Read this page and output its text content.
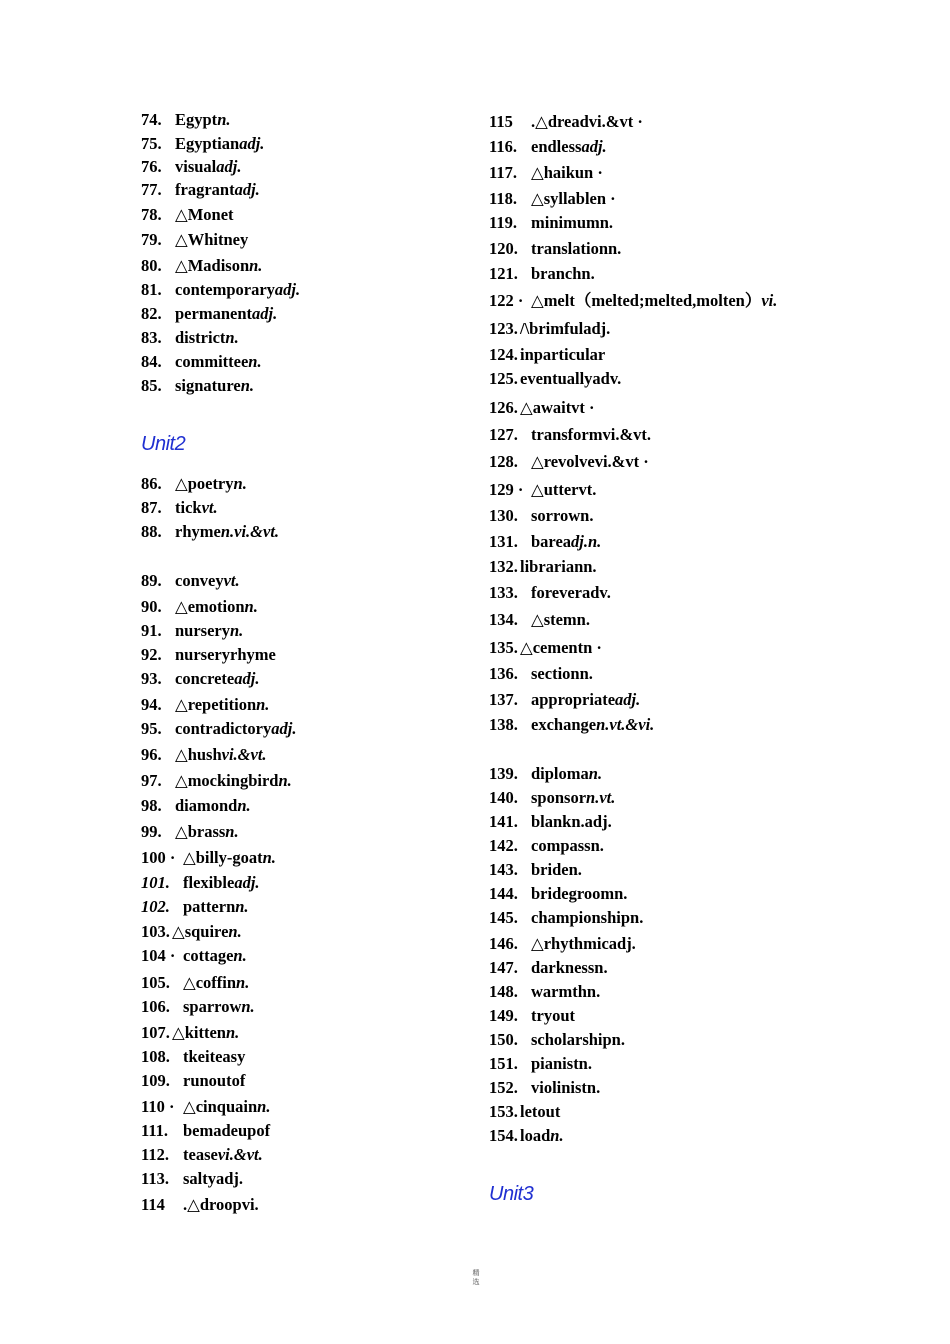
74. Egyptn.
75. Egyptianadj.
76. visualadj.
77. fragrantadj.
78. △Monet
79. △Whitney
80. △Madisonn.
81. contemporaryadj.
82. permanentadj.
83. districtn.
84. committeen.
85. signaturen.
Unit2
86. △poetryn.
87. tickvt.
88. rhymen.vi.&vt.
89. conveyvt.
90. △emotionn.
91. nurseryn.
92. nurseryrhyme
93. concreteadj.
94. △repetitionn.
95. contradictoryadj.
96. △hushvi.&vt.
97. △mockingbirdn.
98. diamondn.
99. △brassn.
100 · △billy-goatn.
101. flexibleadj.
102. patternn.
103. △squiren.
104 · cottagen.
105. △coffinn.
106. sparrown.
107. △kittenn.
108. tkeiteasy
109. runoutof
110 · △cinquainn.
111. bemadeupof
112. teasevi.&vt.
113. saltyadj.
114 .△droopvi.
115 .△dreadvi.&vt ·
116. endlessadj.
117. △haikun ·
118. △syllablen ·
119. minimumn.
120. translationn.
121. branchn.
122 · △melt（melted;melted,molten）vi.
123. /\brimfuladj.
124. inparticular
125. eventuallyadv.
126. △awaitvt ·
127. transformvi.&vt.
128. △revolvevi.&vt ·
129 · △uttervt.
130. sorrown.
131. bareadj.n.
132. librariann.
133. foreveradv.
134. △stemn.
135. △cementn ·
136. sectionn.
137. appropriateadj.
138. exchangen.vt.&vi.
139. diploman.
140. sponsorn.vt.
141. blankn.adj.
142. compassn.
143. briden.
144. bridegroomn.
145. championshipn.
146. △rhythmicadj.
147. darknessn.
148. warmthn.
149. tryout
150. scholarshipn.
151. pianistn.
152. violinistn.
153. letout
154. loadn.
Unit3
精
选
